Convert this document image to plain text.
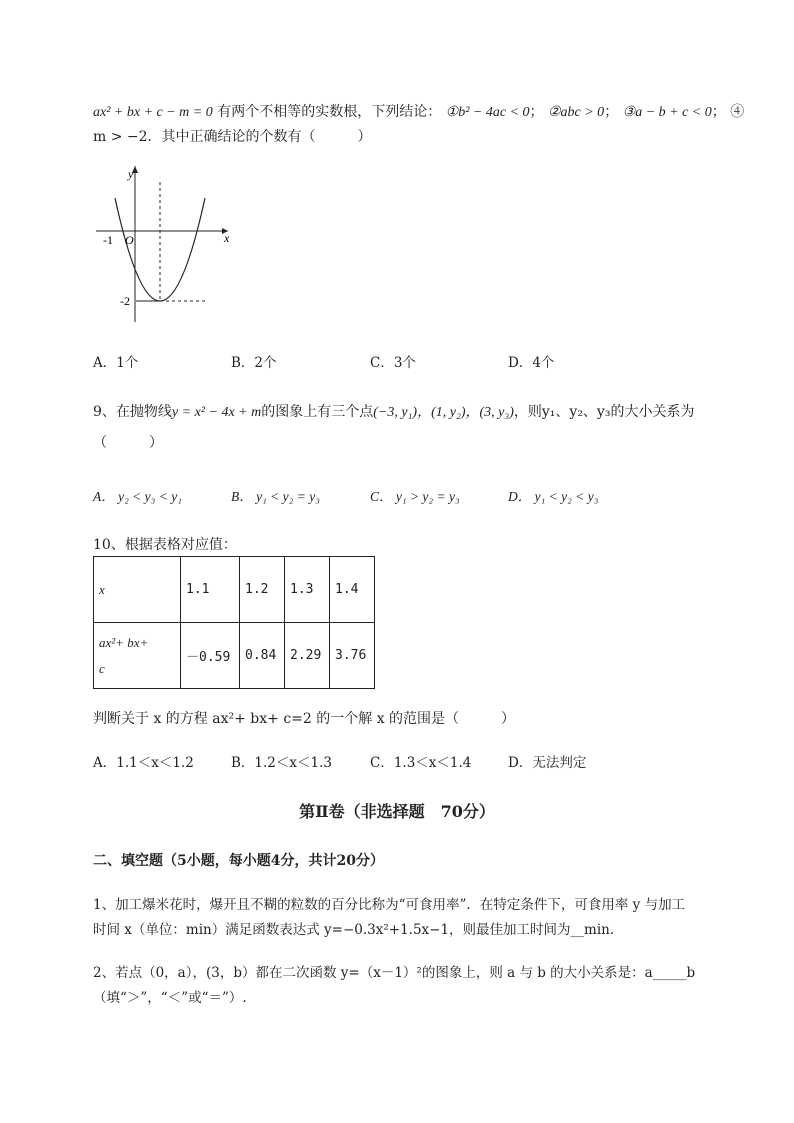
ax² + bx + c − m = 0 有两个不相等的实数根，下列结论： ①b² − 4ac < 0； ②abc > 0； ③a − b + c < 0； ④
m > −2．其中正确结论的个数有（　　　）
y
x
-1 O
-2
A．1个	B．2个	C．3个	D．4个
9、在抛物线y = x² − 4x + m的图象上有三个点(−3, y₁)，(1, y₂)，(3, y₃)，则y₁、y₂、y₃的大小关系为
（　　　）
A． y₂ < y₃ < y₁	B． y₁ < y₂ = y₃	C． y₁ > y₂ = y₃	D． y₁ < y₂ < y₃
10、根据表格对应值：
x	1.1	1.2	1.3	1.4

ax²+ bx+
c	－0.59	0.84	2.29	3.76
判断关于 x 的方程 ax²+ bx+ c=2 的一个解 x 的范围是（　　　）
A．1.1＜x＜1.2	B．1.2＜x＜1.3	C．1.3＜x＜1.4	D．无法判定
第Ⅱ卷（非选择题　70分）
二、填空题（5小题，每小题4分，共计20分）
1、加工爆米花时，爆开且不糊的粒数的百分比称为“可食用率”．在特定条件下，可食用率 y 与加工
时间 x（单位：min）满足函数表达式 y=−0.3x²+1.5x−1，则最佳加工时间为__min.
2、若点（0，a），(3，b）都在二次函数 y=（x－1）²的图象上，则 a 与 b 的大小关系是：a_____b
（填“＞”，“＜”或“＝”）.
